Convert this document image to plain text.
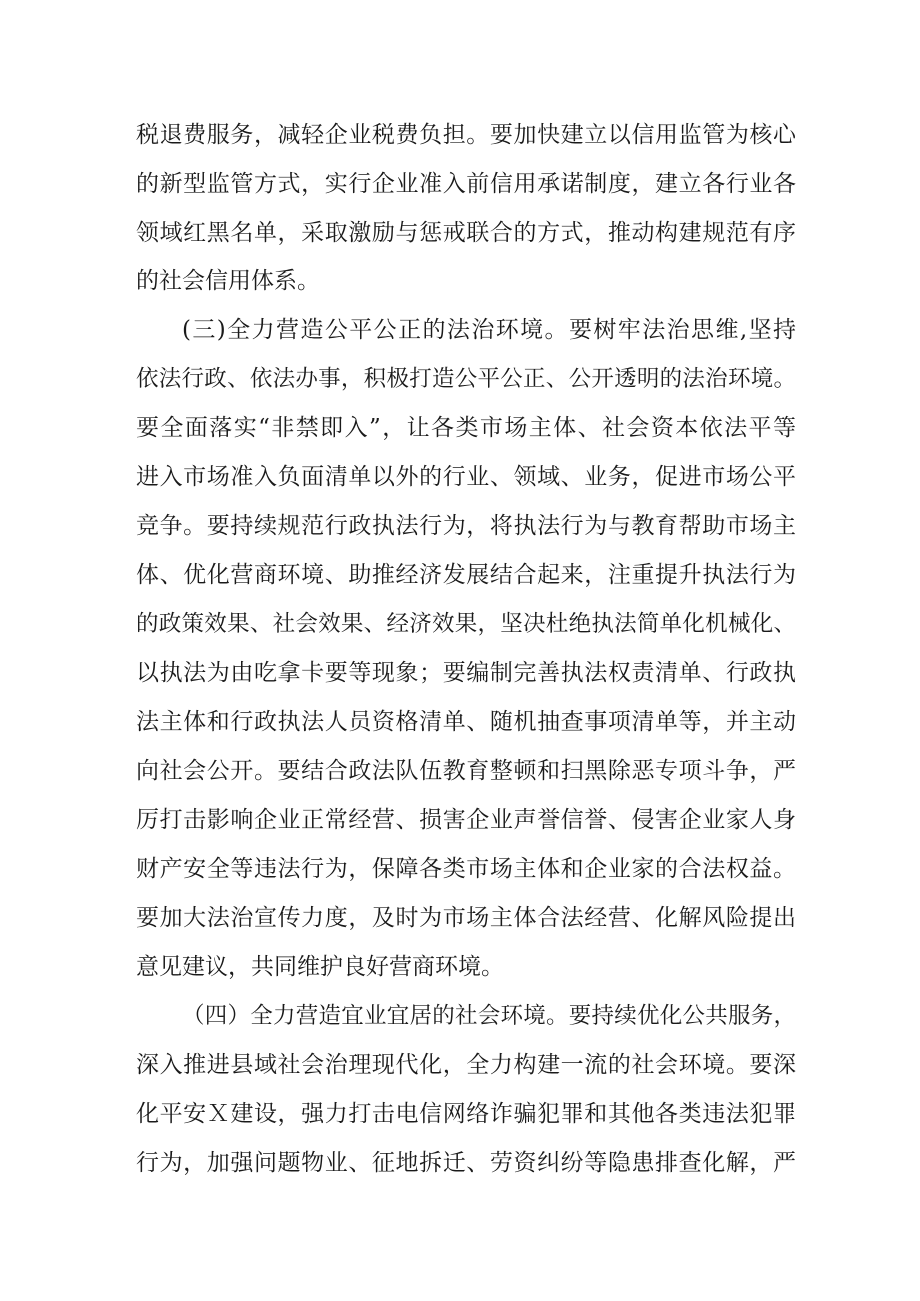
税退费服务，减轻企业税费负担。要加快建立以信用监管为核心
的新型监管方式，实行企业准入前信用承诺制度，建立各行业各
领域红黑名单，采取激励与惩戒联合的方式，推动构建规范有序
的社会信用体系。
(三)全力营造公平公正的法治环境。要树牢法治思维,坚持
依法行政、依法办事，积极打造公平公正、公开透明的法治环境。
要全面落实“非禁即入”，让各类市场主体、社会资本依法平等
进入市场准入负面清单以外的行业、领域、业务，促进市场公平
竞争。要持续规范行政执法行为，将执法行为与教育帮助市场主
体、优化营商环境、助推经济发展结合起来，注重提升执法行为
的政策效果、社会效果、经济效果，坚决杜绝执法简单化机械化、
以执法为由吃拿卡要等现象；要编制完善执法权责清单、行政执
法主体和行政执法人员资格清单、随机抽查事项清单等，并主动
向社会公开。要结合政法队伍教育整顿和扫黑除恶专项斗争，严
厉打击影响企业正常经营、损害企业声誉信誉、侵害企业家人身
财产安全等违法行为，保障各类市场主体和企业家的合法权益。
要加大法治宣传力度，及时为市场主体合法经营、化解风险提出
意见建议，共同维护良好营商环境。
（四）全力营造宜业宜居的社会环境。要持续优化公共服务，
深入推进县域社会治理现代化，全力构建一流的社会环境。要深
化平安Ｘ建设，强力打击电信网络诈骗犯罪和其他各类违法犯罪
行为，加强问题物业、征地拆迁、劳资纠纷等隐患排查化解，严
